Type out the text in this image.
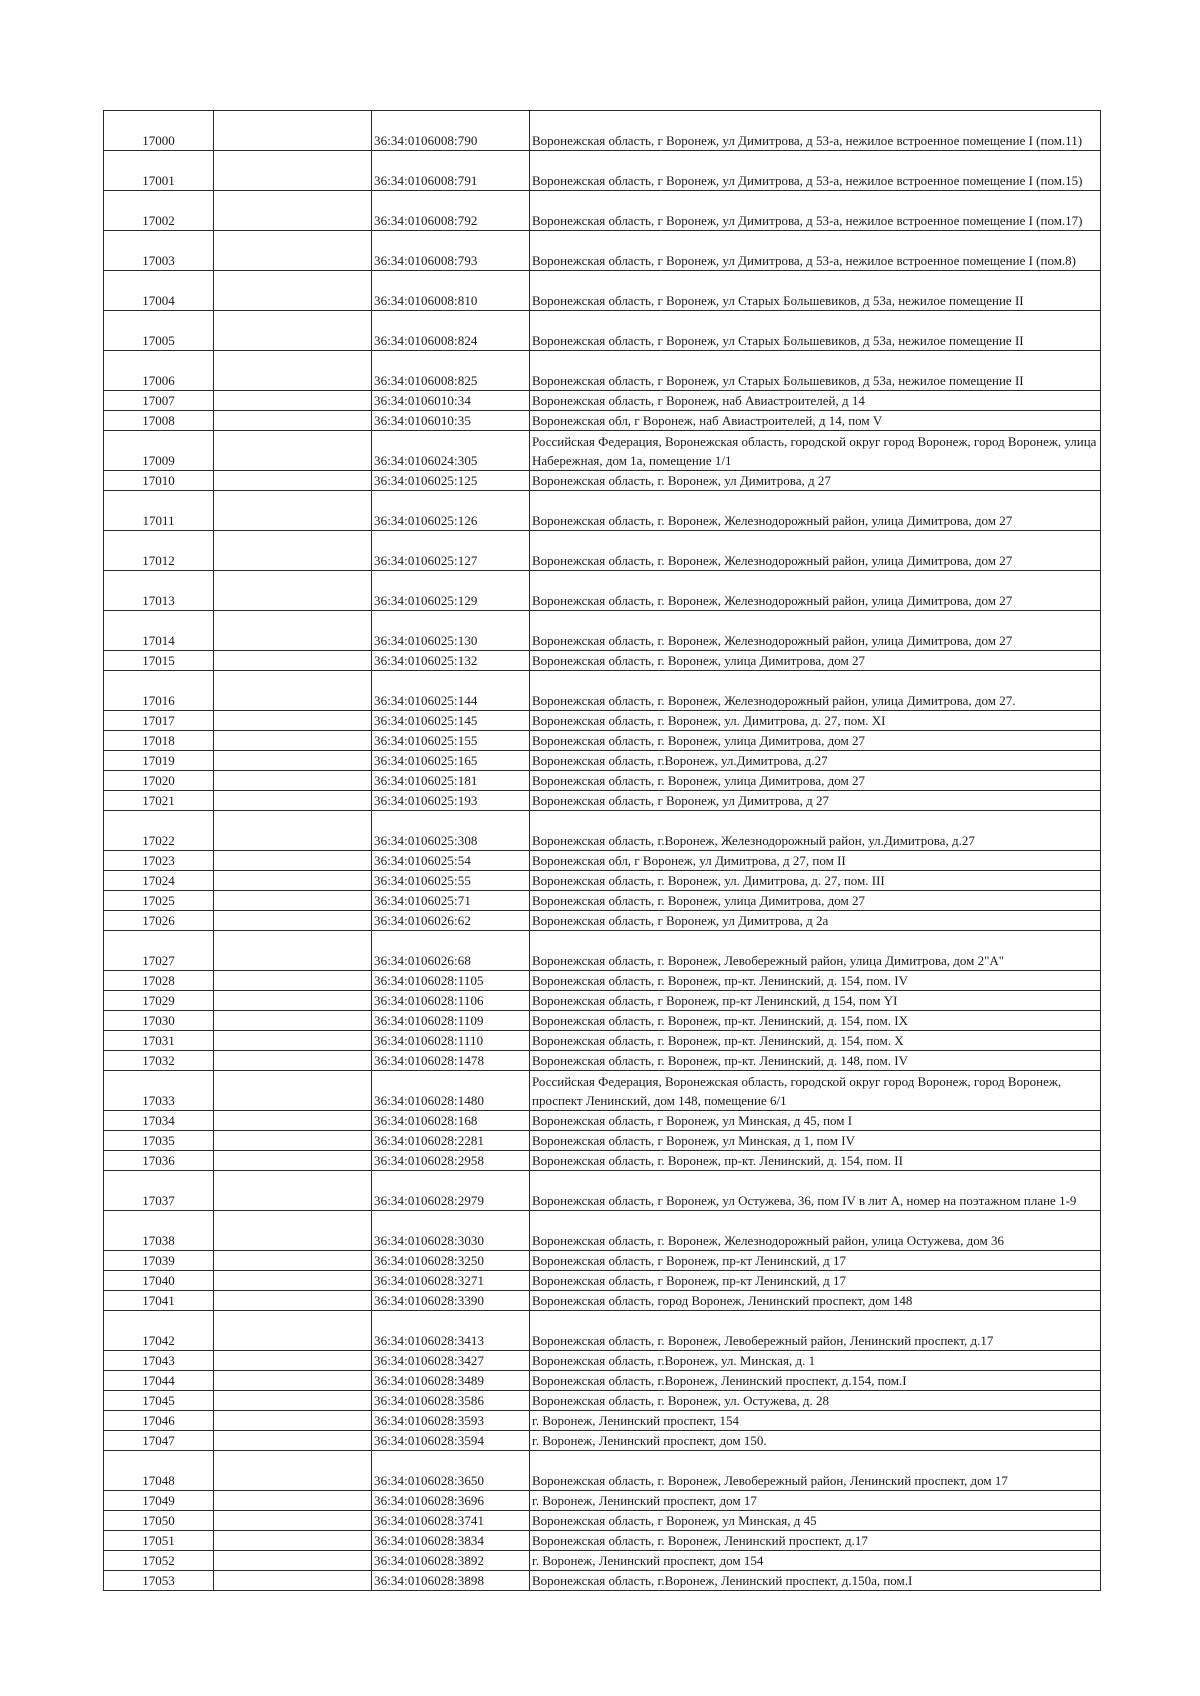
17000		36:34:0106008:790	Воронежская область, г Воронеж, ул Димитрова, д 53-а, нежилое встроенное помещение I (пом.11)
17001		36:34:0106008:791	Воронежская область, г Воронеж, ул Димитрова, д 53-а, нежилое встроенное помещение I (пом.15)
17002		36:34:0106008:792	Воронежская область, г Воронеж, ул Димитрова, д 53-а, нежилое встроенное помещение I (пом.17)
17003		36:34:0106008:793	Воронежская область, г Воронеж, ул Димитрова, д 53-а, нежилое встроенное помещение I (пом.8)
17004		36:34:0106008:810	Воронежская область, г Воронеж, ул Старых Большевиков, д 53а, нежилое помещение II
17005		36:34:0106008:824	Воронежская область, г Воронеж, ул Старых Большевиков, д 53а, нежилое помещение II
17006		36:34:0106008:825	Воронежская область, г Воронеж, ул Старых Большевиков, д 53а, нежилое помещение II
17007		36:34:0106010:34	Воронежская область, г Воронеж, наб Авиастроителей, д 14
17008		36:34:0106010:35	Воронежская обл, г Воронеж, наб Авиастроителей, д 14, пом V
17009		36:34:0106024:305	Российская Федерация, Воронежская область, городской округ город Воронеж, город Воронеж, улица Набережная, дом 1а, помещение 1/1
17010		36:34:0106025:125	Воронежская область, г. Воронеж, ул Димитрова, д 27
17011		36:34:0106025:126	Воронежская область, г. Воронеж, Железнодорожный район, улица Димитрова, дом 27
17012		36:34:0106025:127	Воронежская область, г. Воронеж, Железнодорожный район, улица Димитрова, дом 27
17013		36:34:0106025:129	Воронежская область, г. Воронеж, Железнодорожный район, улица Димитрова, дом 27
17014		36:34:0106025:130	Воронежская область, г. Воронеж, Железнодорожный район, улица Димитрова, дом 27
17015		36:34:0106025:132	Воронежская область, г. Воронеж, улица Димитрова, дом 27
17016		36:34:0106025:144	Воронежская область, г. Воронеж, Железнодорожный район, улица Димитрова, дом 27.
17017		36:34:0106025:145	Воронежская область, г. Воронеж, ул. Димитрова, д. 27, пом. XI
17018		36:34:0106025:155	Воронежская область, г. Воронеж, улица Димитрова, дом 27
17019		36:34:0106025:165	Воронежская область, г.Воронеж, ул.Димитрова, д.27
17020		36:34:0106025:181	Воронежская область, г. Воронеж, улица Димитрова, дом 27
17021		36:34:0106025:193	Воронежская область, г Воронеж, ул Димитрова, д 27
17022		36:34:0106025:308	Воронежская область, г.Воронеж, Железнодорожный район, ул.Димитрова, д.27
17023		36:34:0106025:54	Воронежская обл, г Воронеж, ул Димитрова, д 27, пом II
17024		36:34:0106025:55	Воронежская область, г. Воронеж, ул. Димитрова, д. 27, пом. III
17025		36:34:0106025:71	Воронежская область, г. Воронеж, улица Димитрова, дом 27
17026		36:34:0106026:62	Воронежская область, г Воронеж, ул Димитрова, д 2а
17027		36:34:0106026:68	Воронежская область, г. Воронеж, Левобережный район, улица Димитрова, дом 2"А"
17028		36:34:0106028:1105	Воронежская область, г. Воронеж, пр-кт. Ленинский, д. 154, пом. IV
17029		36:34:0106028:1106	Воронежская область, г Воронеж, пр-кт Ленинский, д 154, пом YI
17030		36:34:0106028:1109	Воронежская область, г. Воронеж, пр-кт. Ленинский, д. 154, пом. IX
17031		36:34:0106028:1110	Воронежская область, г. Воронеж, пр-кт. Ленинский, д. 154, пом. X
17032		36:34:0106028:1478	Воронежская область, г. Воронеж, пр-кт. Ленинский, д. 148, пом. IV
17033		36:34:0106028:1480	Российская Федерация, Воронежская область, городской округ город Воронеж, город Воронеж, проспект Ленинский, дом 148, помещение 6/1
17034		36:34:0106028:168	Воронежская область, г Воронеж, ул Минская, д 45, пом I
17035		36:34:0106028:2281	Воронежская область, г Воронеж, ул Минская, д 1, пом IV
17036		36:34:0106028:2958	Воронежская область, г. Воронеж, пр-кт. Ленинский, д. 154, пом. II
17037		36:34:0106028:2979	Воронежская область, г Воронеж, ул Остужева, 36, пом IV в лит А, номер на поэтажном плане 1-9
17038		36:34:0106028:3030	Воронежская область, г. Воронеж, Железнодорожный район, улица Остужева, дом 36
17039		36:34:0106028:3250	Воронежская область, г Воронеж, пр-кт Ленинский, д 17
17040		36:34:0106028:3271	Воронежская область, г Воронеж, пр-кт Ленинский, д 17
17041		36:34:0106028:3390	Воронежская область, город Воронеж, Ленинский проспект, дом 148
17042		36:34:0106028:3413	Воронежская область, г. Воронеж, Левобережный район, Ленинский проспект, д.17
17043		36:34:0106028:3427	Воронежская область, г.Воронеж, ул. Минская, д. 1
17044		36:34:0106028:3489	Воронежская область, г.Воронеж, Ленинский проспект, д.154, пом.I
17045		36:34:0106028:3586	Воронежская область, г. Воронеж, ул. Остужева, д. 28
17046		36:34:0106028:3593	г. Воронеж, Ленинский проспект, 154
17047		36:34:0106028:3594	г. Воронеж, Ленинский проспект, дом 150.
17048		36:34:0106028:3650	Воронежская область, г. Воронеж, Левобережный район, Ленинский проспект, дом 17
17049		36:34:0106028:3696	г. Воронеж, Ленинский проспект, дом 17
17050		36:34:0106028:3741	Воронежская область, г Воронеж, ул Минская, д 45
17051		36:34:0106028:3834	Воронежская область, г. Воронеж, Ленинский проспект, д.17
17052		36:34:0106028:3892	г. Воронеж, Ленинский проспект, дом 154
17053		36:34:0106028:3898	Воронежская область, г.Воронеж, Ленинский проспект, д.150а, пом.I
